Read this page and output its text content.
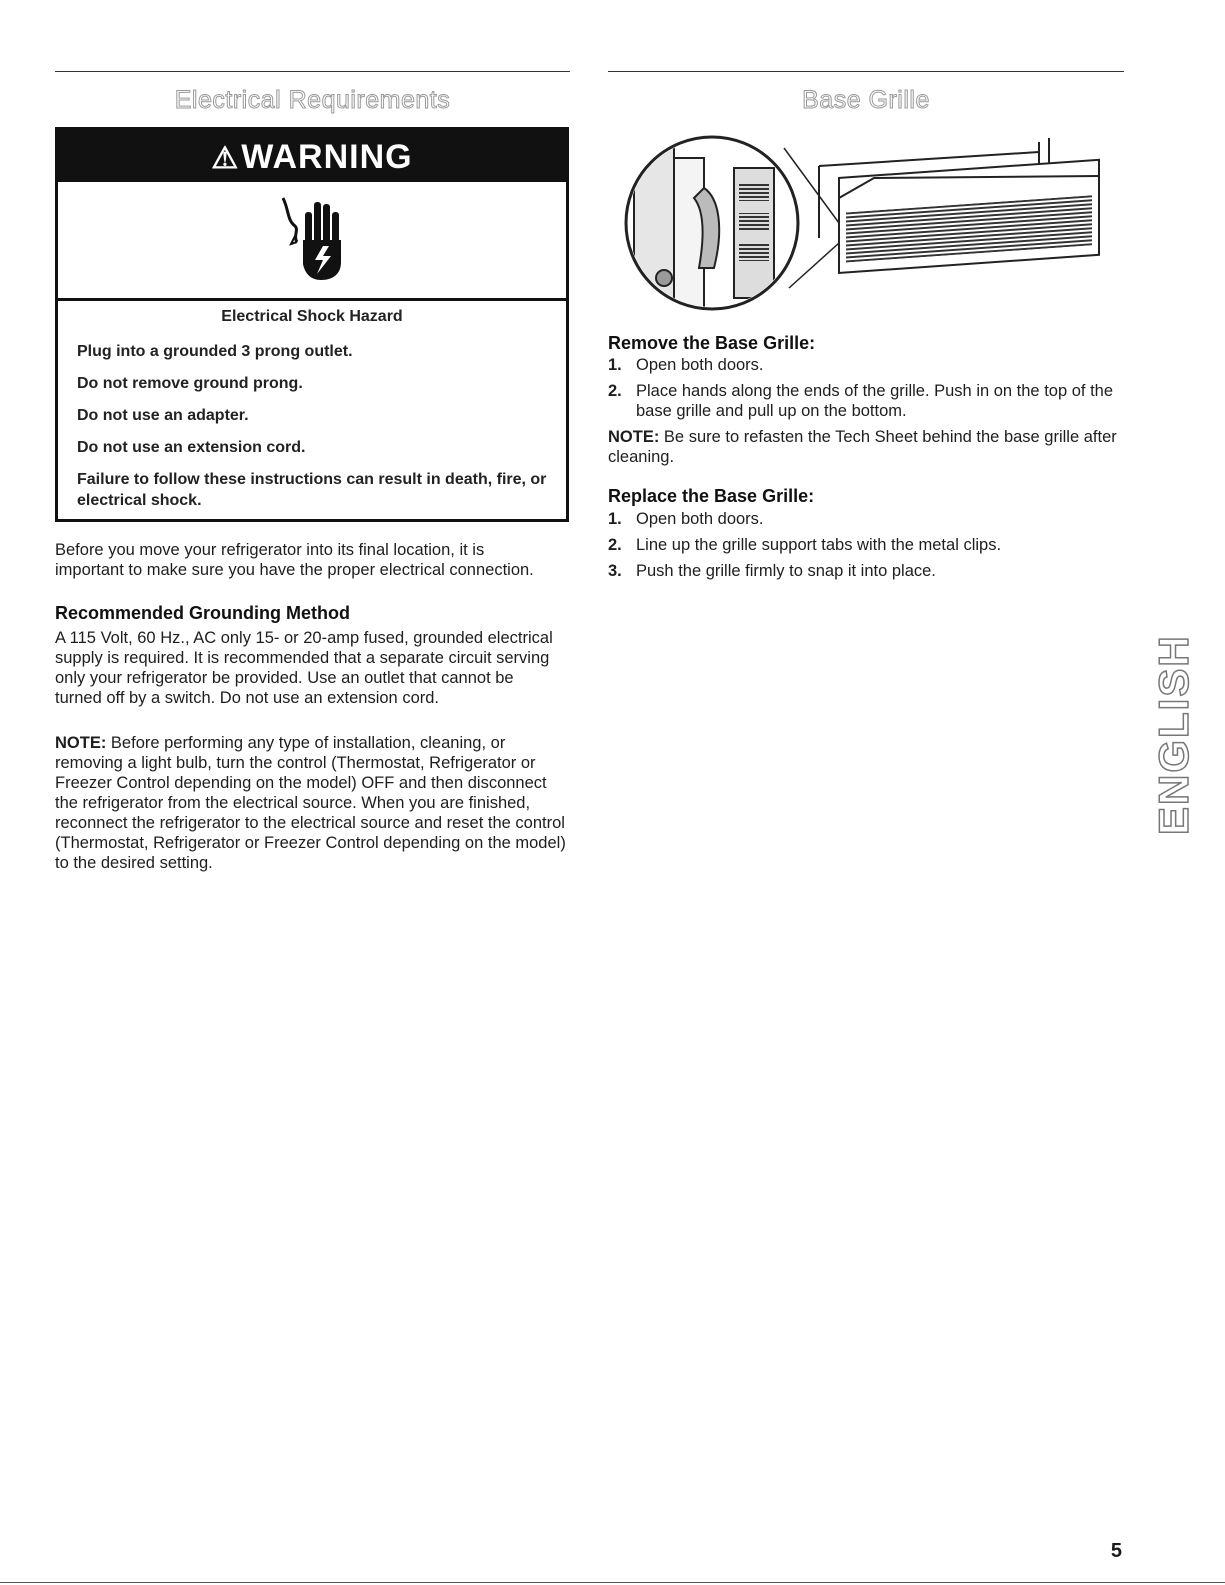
Electrical Requirements	Base Grille
⚠WARNING

Electrical Shock Hazard

Plug into a grounded 3 prong outlet.

Do not remove ground prong.

Do not use an adapter.

Do not use an extension cord.

Failure to follow these instructions can result in death, fire, or electrical shock.

Before you move your refrigerator into its final location, it is important to make sure you have the proper electrical connection.

Recommended Grounding Method

A 115 Volt, 60 Hz., AC only 15- or 20-amp fused, grounded electrical supply is required. It is recommended that a separate circuit serving only your refrigerator be provided. Use an outlet that cannot be turned off by a switch. Do not use an extension cord.

NOTE: Before performing any type of installation, cleaning, or removing a light bulb, turn the control (Thermostat, Refrigerator or Freezer Control depending on the model) OFF and then disconnect the refrigerator from the electrical source. When you are finished, reconnect the refrigerator to the electrical source and reset the control (Thermostat, Refrigerator or Freezer Control depending on the model) to the desired setting.

Remove the Base Grille:
1. Open both doors.
2. Place hands along the ends of the grille. Push in on the top of the base grille and pull up on the bottom.

NOTE: Be sure to refasten the Tech Sheet behind the base grille after cleaning.

Replace the Base Grille:
1. Open both doors.
2. Line up the grille support tabs with the metal clips.
3. Push the grille firmly to snap it into place.
ENGLISH
5
